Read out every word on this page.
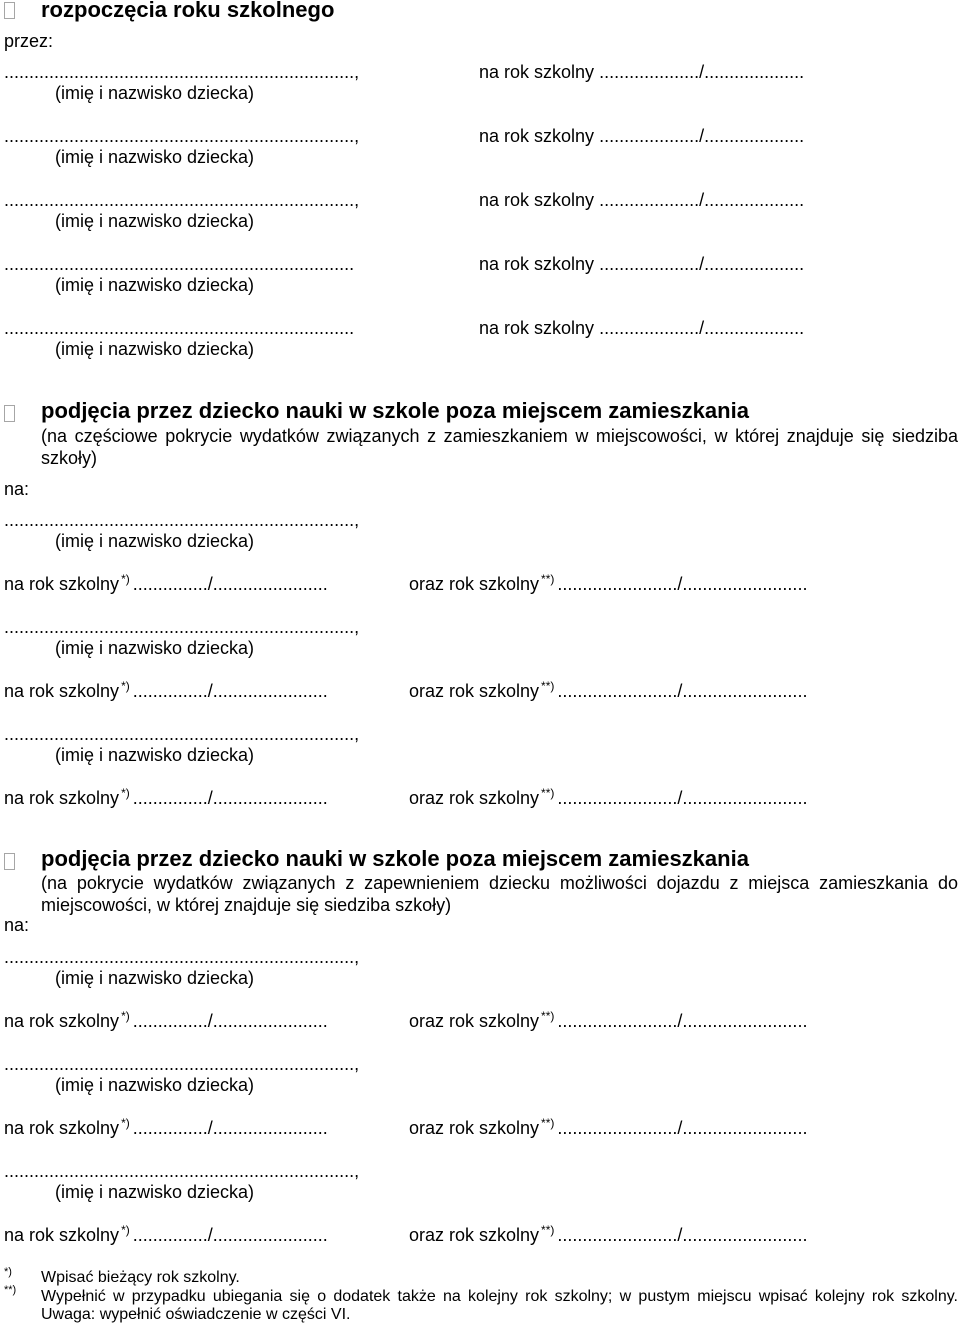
rozpoczęcia roku szkolnego
przez:
......................................................................,
(imię i nazwisko dziecka)
na rok szkolny ..................../....................
......................................................................,
(imię i nazwisko dziecka)
na rok szkolny ..................../....................
......................................................................,
(imię i nazwisko dziecka)
na rok szkolny ..................../....................
......................................................................
(imię i nazwisko dziecka)
na rok szkolny ..................../....................
......................................................................
(imię i nazwisko dziecka)
na rok szkolny ..................../....................
podjęcia przez dziecko nauki w szkole poza miejscem zamieszkania
(na częściowe pokrycie wydatków związanych z zamieszkaniem w miejscowości, w której znajduje się siedziba
szkoły)
na:
......................................................................,
(imię i nazwisko dziecka)
na rok szkolny *) .............../.......................	oraz rok szkolny **) ......................../.........................
......................................................................,
(imię i nazwisko dziecka)
na rok szkolny *) .............../.......................	oraz rok szkolny **) ......................../.........................
......................................................................,
(imię i nazwisko dziecka)
na rok szkolny *) .............../.......................	oraz rok szkolny **) ......................../.........................
podjęcia przez dziecko nauki w szkole poza miejscem zamieszkania
(na pokrycie wydatków związanych z zapewnieniem dziecku możliwości dojazdu z miejsca zamieszkania do
miejscowości, w której znajduje się siedziba szkoły)
na:
......................................................................,
(imię i nazwisko dziecka)
na rok szkolny *) .............../.......................	oraz rok szkolny **) ......................../.........................
......................................................................,
(imię i nazwisko dziecka)
na rok szkolny *) .............../.......................	oraz rok szkolny **) ......................../.........................
......................................................................,
(imię i nazwisko dziecka)
na rok szkolny *) .............../.......................	oraz rok szkolny **) ......................../.........................
*) Wpisać bieżący rok szkolny.
**) Wypełnić w przypadku ubiegania się o dodatek także na kolejny rok szkolny; w pustym miejscu wpisać kolejny rok szkolny.
Uwaga: wypełnić oświadczenie w części VI.
